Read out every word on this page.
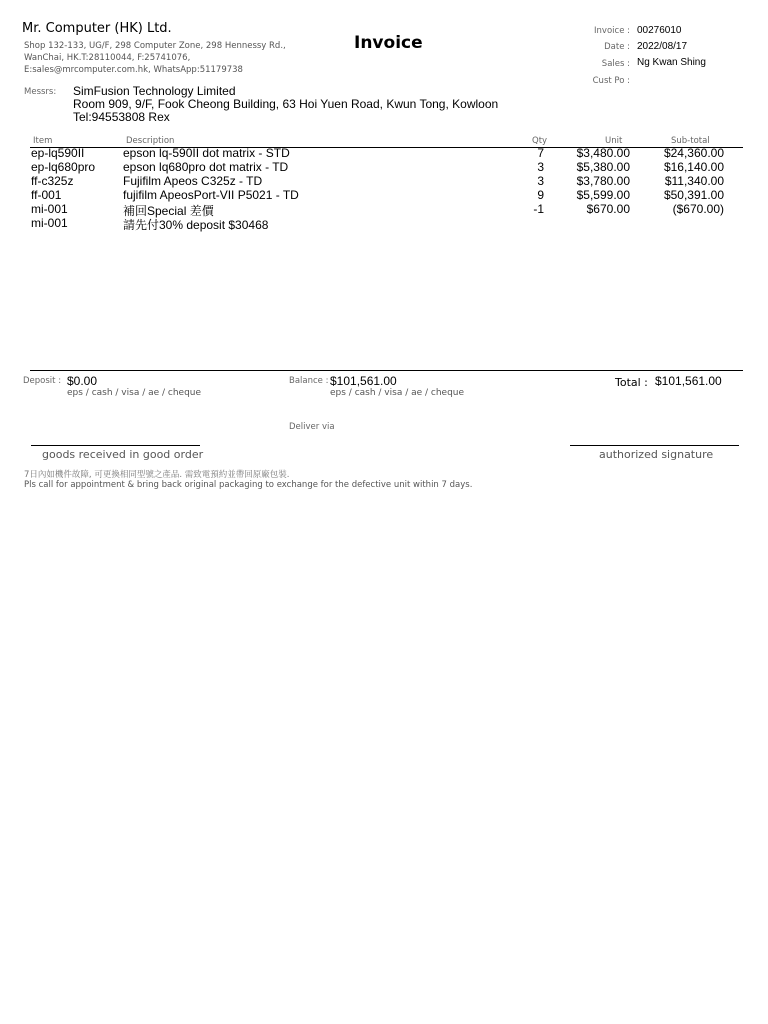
Mr. Computer (HK) Ltd.
Shop 132-133, UG/F, 298 Computer Zone, 298 Hennessy Rd.,
WanChai, HK.T:28110044, F:25741076,
E:sales@mrcomputer.com.hk, WhatsApp:51179738
Invoice
Invoice : 00276010
Date : 2022/08/17
Sales : Ng Kwan Shing
Cust Po :
Messrs: SimFusion Technology Limited
Room 909, 9/F, Fook Cheong Building, 63 Hoi Yuen Road, Kwun Tong, Kowloon
Tel:94553808 Rex
Item	Description	Qty	Unit	Sub-total
ep-lq590II	epson lq-590II dot matrix - STD	7	$3,480.00	$24,360.00
ep-lq680pro epson lq680pro dot matrix - TD	3	$5,380.00	$16,140.00
ff-c325z	Fujifilm Apeos C325z - TD	3	$3,780.00	$11,340.00
ff-001	fujifilm ApeosPort-VII P5021 - TD	9	$5,599.00	$50,391.00
mi-001	補回Special 差價	-1	$670.00	($670.00)
mi-001	請先付30% deposit $30468
Deposit : $0.00
eps / cash / visa / ae / cheque
Balance : $101,561.00
eps / cash / visa / ae / cheque
Total : $101,561.00
Deliver via
goods received in good order	authorized signature
7日內如機件故障, 可更換相同型號之產品. 需致電預約並帶回原廠包裝.
Pls call for appointment & bring back original packaging to exchange for the defective unit within 7 days.
